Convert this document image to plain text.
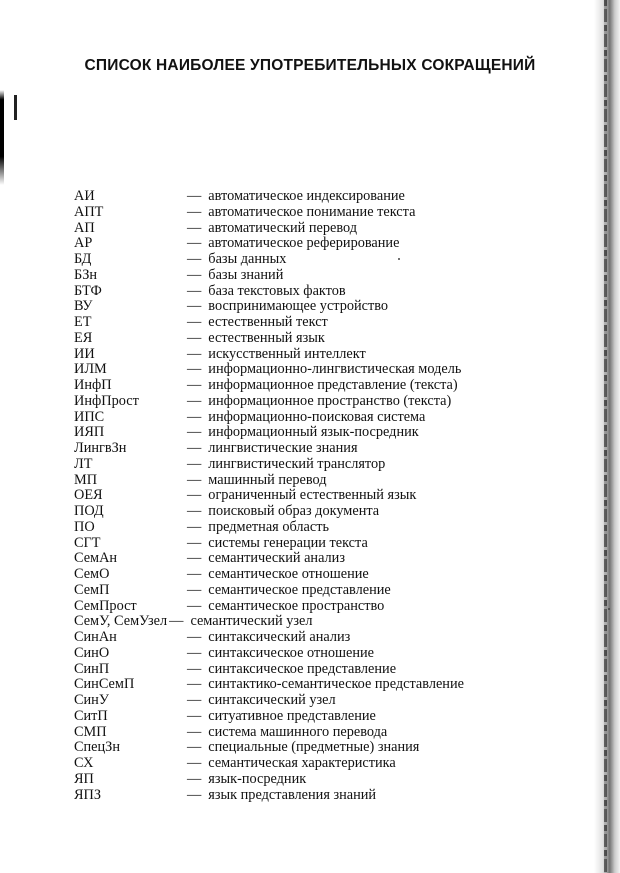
СПИСОК НАИБОЛЕЕ УПОТРЕБИТЕЛЬНЫХ СОКРАЩЕНИЙ
АИ	— автоматическое индексирование
АПТ	— автоматическое понимание текста
АП	— автоматический перевод
АР	— автоматическое реферирование
БД	— базы данных
БЗн	— базы знаний
БТФ	— база текстовых фактов
ВУ	— воспринимающее устройство
ЕТ	— естественный текст
ЕЯ	— естественный язык
ИИ	— искусственный интеллект
ИЛМ	— информационно-лингвистическая модель
ИнфП	— информационное представление (текста)
ИнфПрост	— информационное пространство (текста)
ИПС	— информационно-поисковая система
ИЯП	— информационный язык-посредник
ЛингвЗн	— лингвистические знания
ЛТ	— лингвистический транслятор
МП	— машинный перевод
ОЕЯ	— ограниченный естественный язык
ПОД	— поисковый образ документа
ПО	— предметная область
СГТ	— системы генерации текста
СемАн	— семантический анализ
СемО	— семантическое отношение
СемП	— семантическое представление
СемПрост	— семантическое пространство
СемУ, СемУзел — семантический узел
СинАн	— синтаксический анализ
СинО	— синтаксическое отношение
СинП	— синтаксическое представление
СинСемП	— синтактико-семантическое представление
СинУ	— синтаксический узел
СитП	— ситуативное представление
СМП	— система машинного перевода
СпецЗн	— специальные (предметные) знания
СХ	— семантическая характеристика
ЯП	— язык-посредник
ЯПЗ	— язык представления знаний
